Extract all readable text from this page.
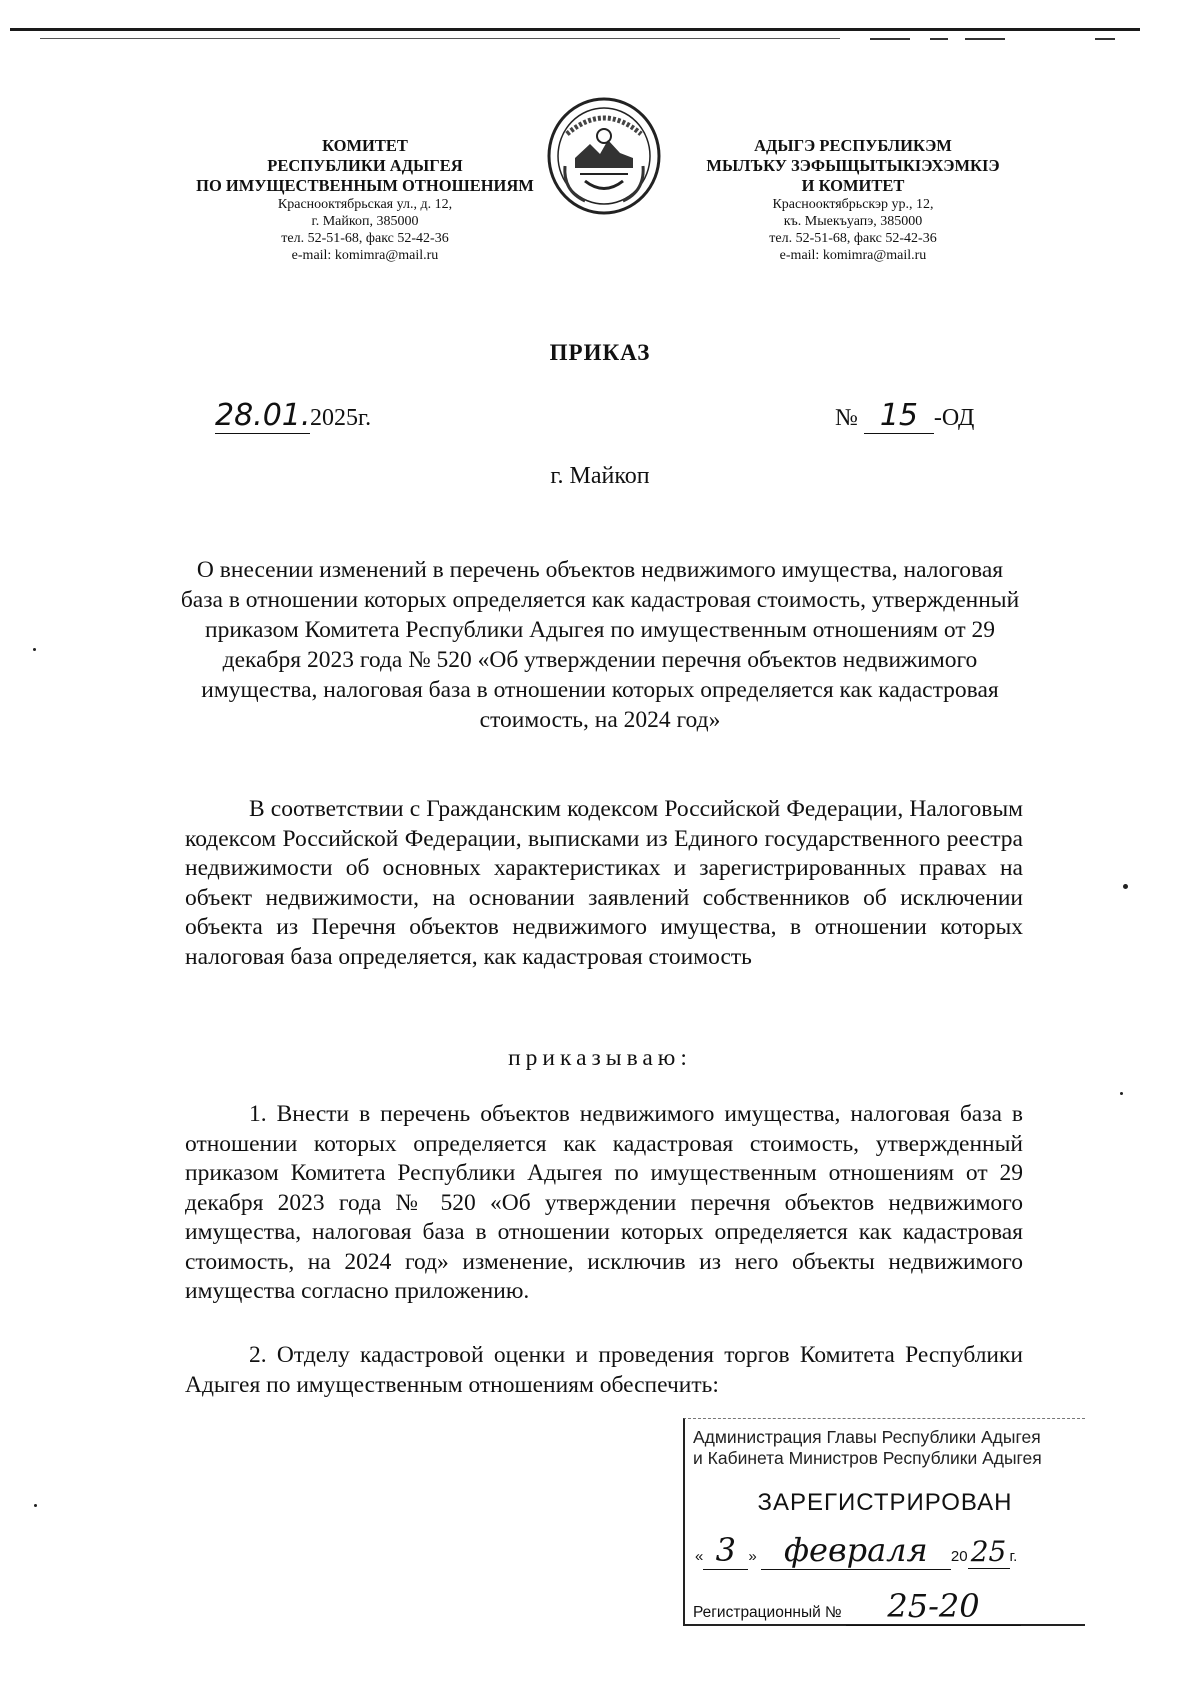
КОМИТЕТ
РЕСПУБЛИКИ АДЫГЕЯ
ПО ИМУЩЕСТВЕННЫМ ОТНОШЕНИЯМ
Краснооктябрьская ул., д. 12,
г. Майкоп, 385000
тел. 52-51-68, факс 52-42-36
e-mail: komimra@mail.ru
АДЫГЭ РЕСПУБЛИКЭМ
МЫЛЪКУ ЗЭФЫЩЫТЫКIЭХЭМКIЭ
И КОМИТЕТ
Краснооктябрьскэр ур., 12,
къ. Мыекъуапэ, 385000
тел. 52-51-68, факс 52-42-36
e-mail: komimra@mail.ru
ПРИКАЗ
28.01.2025г.	№ 15 -ОД
г. Майкоп
О внесении изменений в перечень объектов недвижимого имущества, налоговая база в отношении которых определяется как кадастровая стоимость, утвержденный приказом Комитета Республики Адыгея по имущественным отношениям от 29 декабря 2023 года № 520 «Об утверждении перечня объектов недвижимого имущества, налоговая база в отношении которых определяется как кадастровая стоимость, на 2024 год»

В соответствии с Гражданским кодексом Российской Федерации, Налоговым кодексом Российской Федерации, выписками из Единого государственного реестра недвижимости об основных характеристиках и зарегистрированных правах на объект недвижимости, на основании заявлений собственников об исключении объекта из Перечня объектов недвижимого имущества, в отношении которых налоговая база определяется, как кадастровая стоимость

приказываю:

1. Внести в перечень объектов недвижимого имущества, налоговая база в отношении которых определяется как кадастровая стоимость, утвержденный приказом Комитета Республики Адыгея по имущественным отношениям от 29 декабря 2023 года № 520 «Об утверждении перечня объектов недвижимого имущества, налоговая база в отношении которых определяется как кадастровая стоимость, на 2024 год» изменение, исключив из него объекты недвижимого имущества согласно приложению.

2. Отделу кадастровой оценки и проведения торгов Комитета Республики Адыгея по имущественным отношениям обеспечить:

Администрация Главы Республики Адыгея
и Кабинета Министров Республики Адыгея
ЗАРЕГИСТРИРОВАН
« 3 » февраля 20 25 г.
Регистрационный № 25-20
